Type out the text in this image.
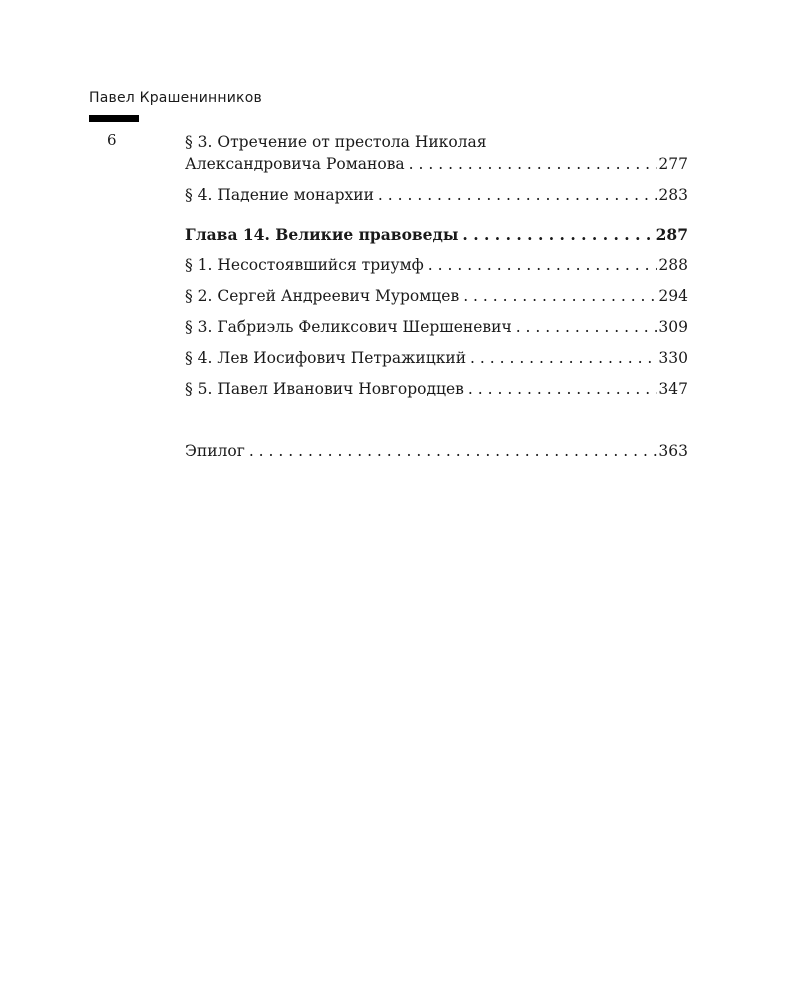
Павел Крашенинников
6	§ 3. Отречение от престола Николая
Александровича Романова . . .	277
§ 4. Падение монархии . . .	283
Глава 14. Великие правоведы . . .	287
§ 1. Несостоявшийся триумф . . .	288
§ 2. Сергей Андреевич Муромцев . . .	294
§ 3. Габриэль Феликсович Шершеневич . . .	309
§ 4. Лев Иосифович Петражицкий . . .	330
§ 5. Павел Иванович Новгородцев . . .	347
Эпилог . . .	363
